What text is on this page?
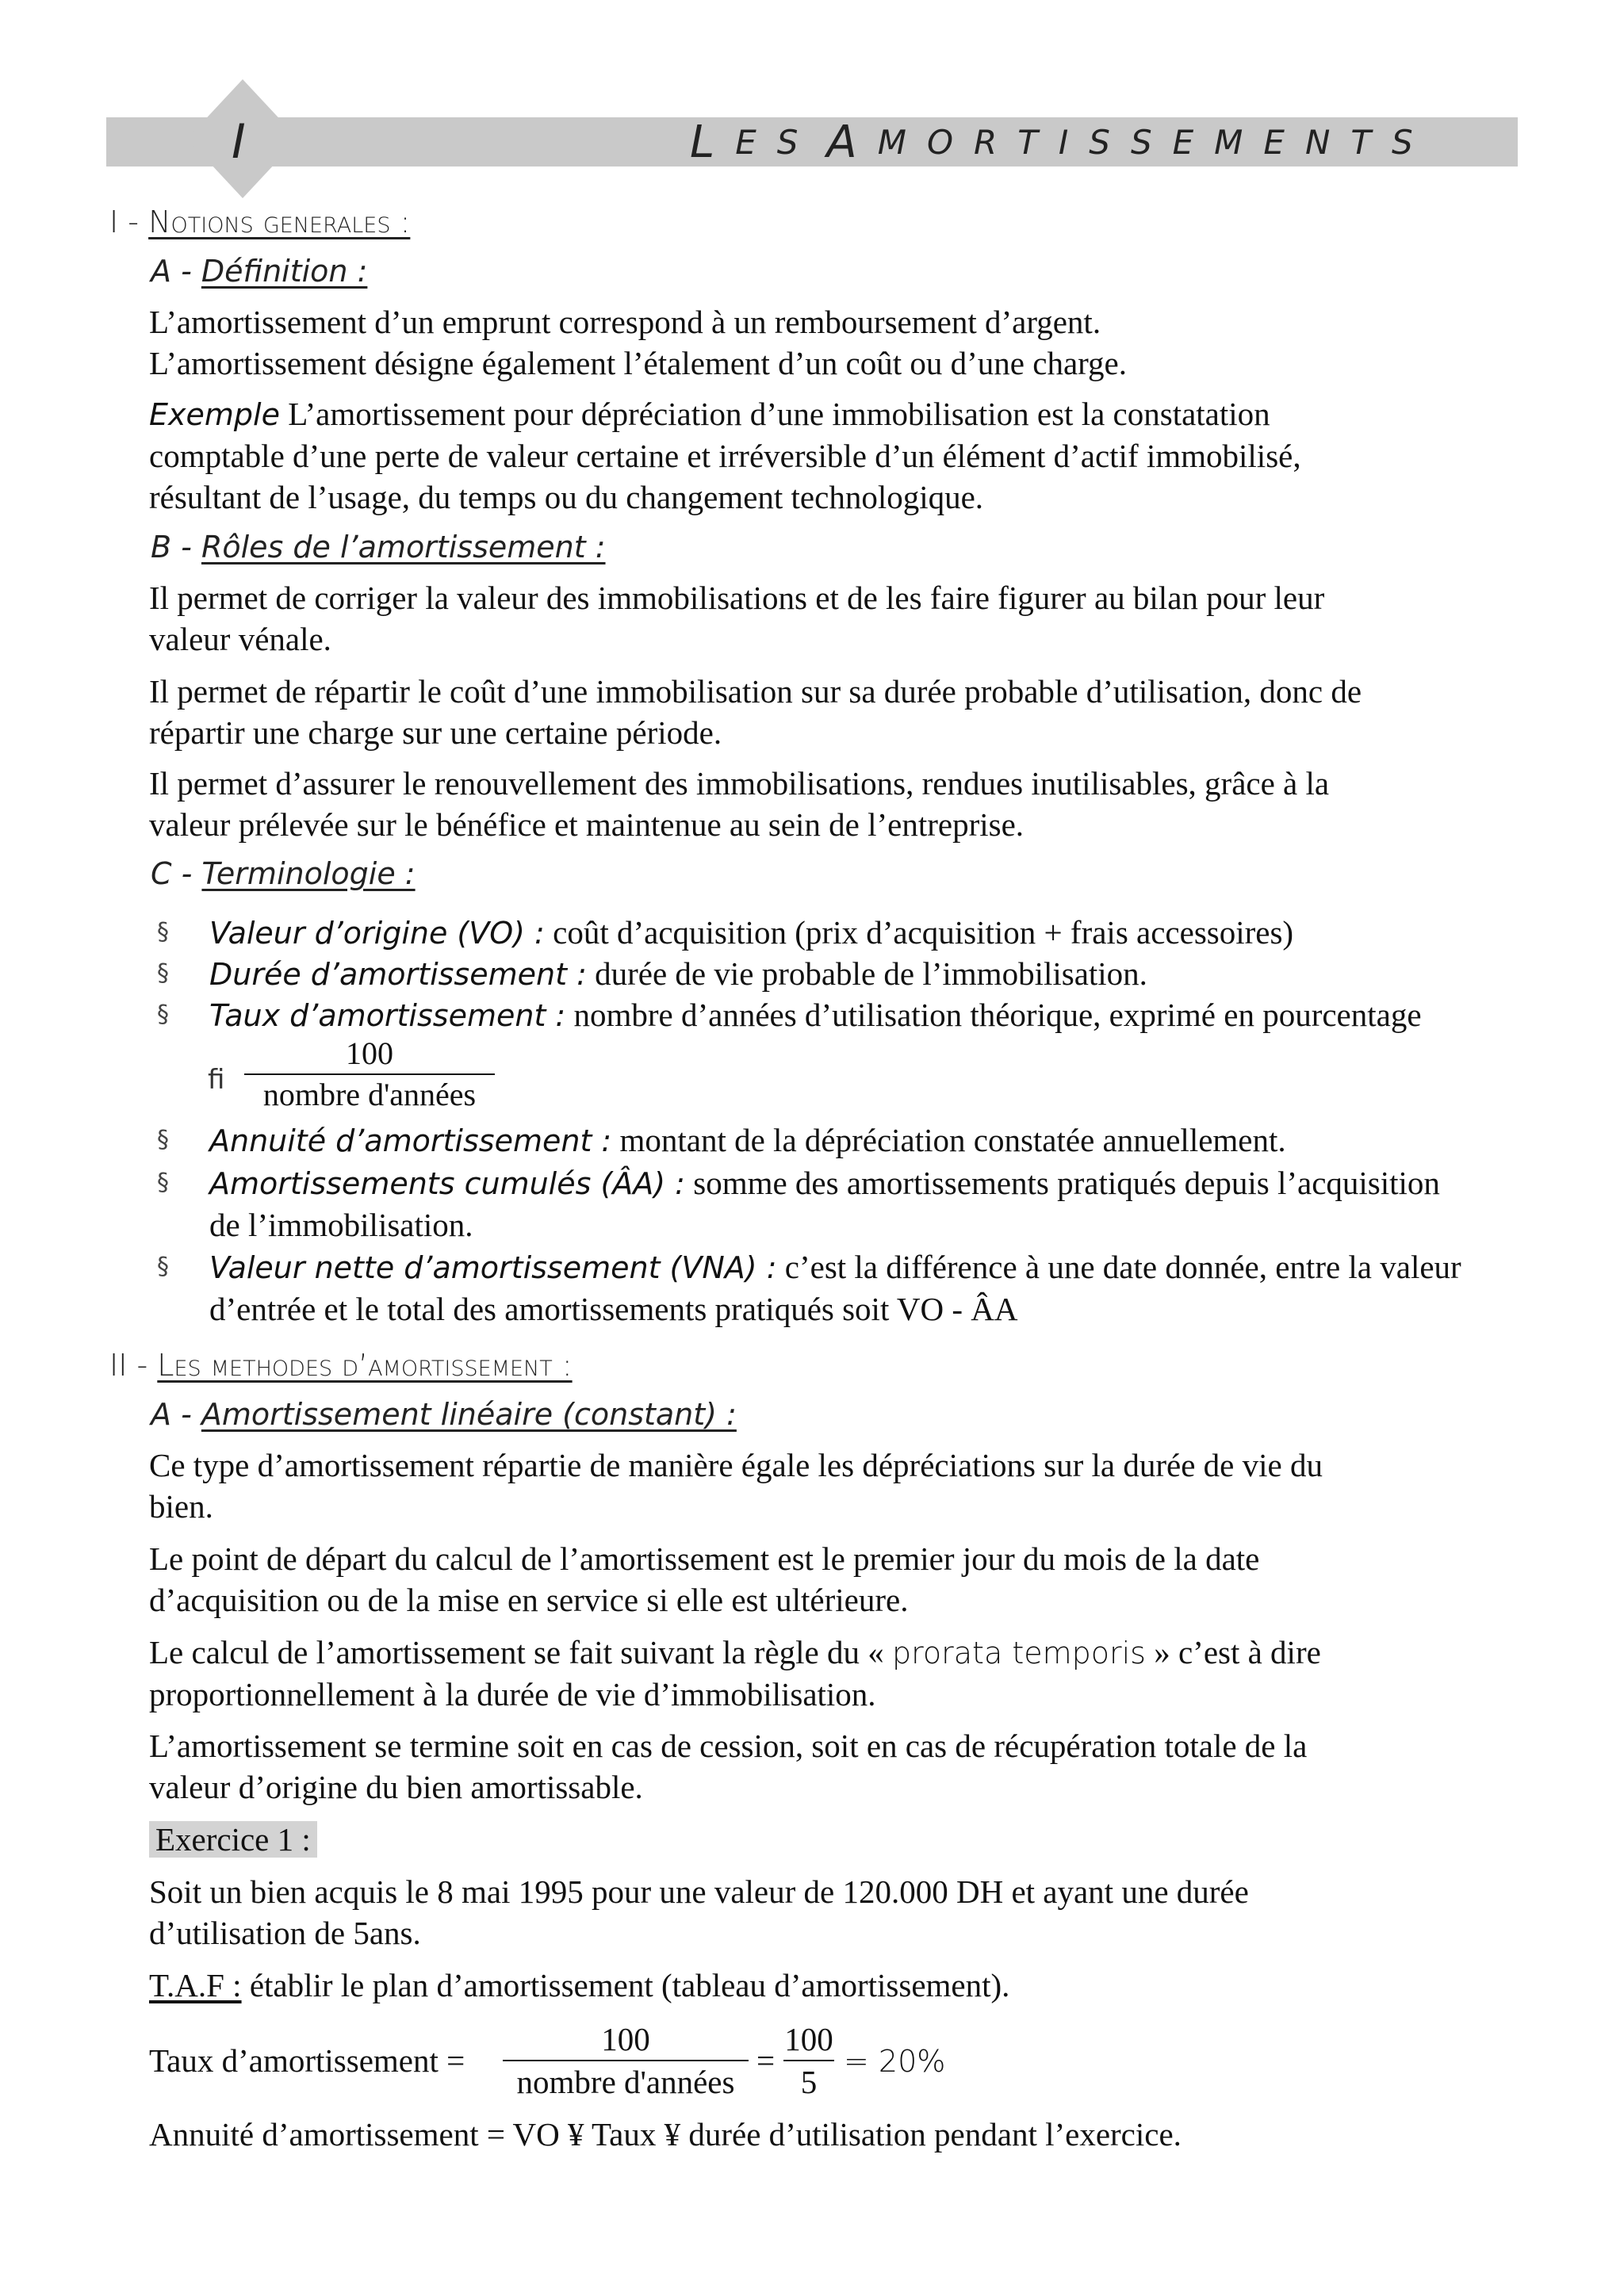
I	L E S A M O R T I S S E M E N T S
I - Notions generales :
A - Définition :
L’amortissement d’un emprunt correspond à un remboursement d’argent.
L’amortissement désigne également l’étalement d’un coût ou d’une charge.
Exemple L’amortissement pour dépréciation d’une immobilisation est la constatation
comptable d’une perte de valeur certaine et irréversible d’un élément d’actif immobilisé,
résultant de l’usage, du temps ou du changement technologique.
B - Rôles de l’amortissement :
Il permet de corriger la valeur des immobilisations et de les faire figurer au bilan pour leur
valeur vénale.
Il permet de répartir le coût d’une immobilisation sur sa durée probable d’utilisation, donc de
répartir une charge sur une certaine période.
Il permet d’assurer le renouvellement des immobilisations, rendues inutilisables, grâce à la
valeur prélevée sur le bénéfice et maintenue au sein de l’entreprise.
C - Terminologie :
§ Valeur d’origine (VO) : coût d’acquisition (prix d’acquisition + frais accessoires)
§ Durée d’amortissement : durée de vie probable de l’immobilisation.
§ Taux d’amortissement : nombre d’années d’utilisation théorique, exprimé en pourcentage
ﬁ
100
nombre d'années
§ Annuité d’amortissement : montant de la dépréciation constatée annuellement.
§ Amortissements cumulés (ÂA) : somme des amortissements pratiqués depuis l’acquisition
de l’immobilisation.
§ Valeur nette d’amortissement (VNA) : c’est la différence à une date donnée, entre la valeur
d’entrée et le total des amortissements pratiqués soit VO - ÂA
II - Les methodes d’amortissement :
A - Amortissement linéaire (constant) :
Ce type d’amortissement répartie de manière égale les dépréciations sur la durée de vie du
bien.
Le point de départ du calcul de l’amortissement est le premier jour du mois de la date
d’acquisition ou de la mise en service si elle est ultérieure.
Le calcul de l’amortissement se fait suivant la règle du « prorata temporis » c’est à dire
proportionnellement à la durée de vie d’immobilisation.
L’amortissement se termine soit en cas de cession, soit en cas de récupération totale de la
valeur d’origine du bien amortissable.
Exercice 1 :
Soit un bien acquis le 8 mai 1995 pour une valeur de 120.000 DH et ayant une durée
d’utilisation de 5ans.
T.A.F : établir le plan d’amortissement (tableau d’amortissement).
Taux d’amortissement =
100
nombre d'années
= $\frac{100}{5} = 20\%$
Annuité d’amortissement = VO ¥ Taux ¥ durée d’utilisation pendant l’exercice.
